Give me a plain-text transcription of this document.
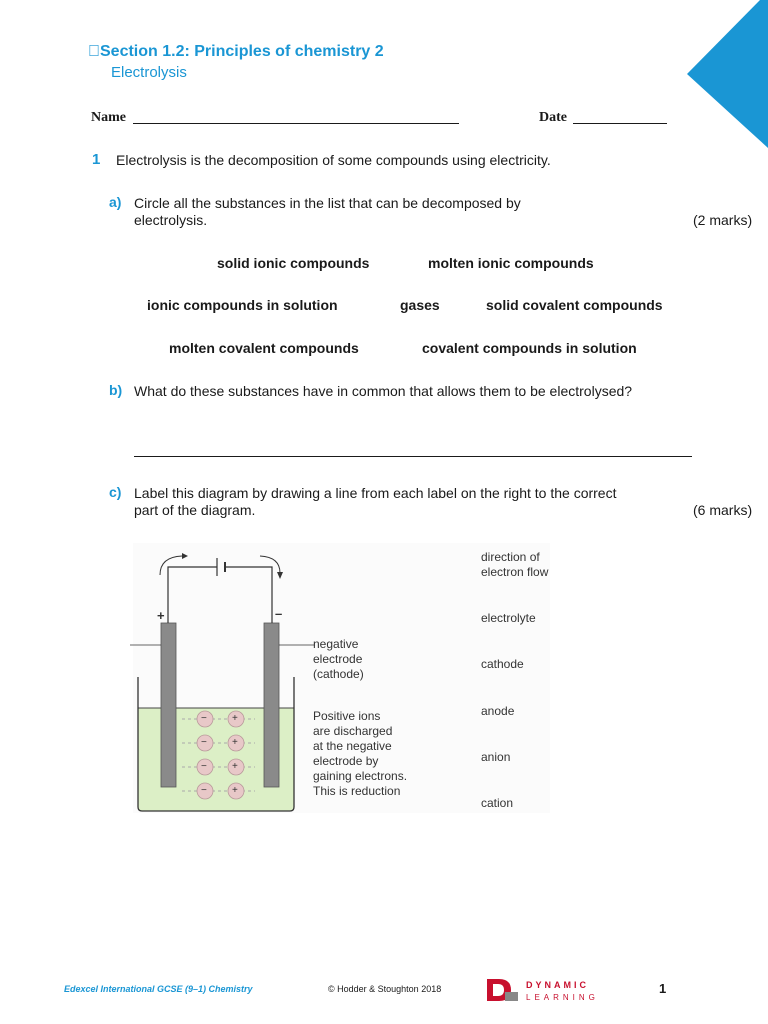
Section 1.2: Principles of chemistry 2
Electrolysis
Name	Date
1 Electrolysis is the decomposition of some compounds using electricity.
a) Circle all the substances in the list that can be decomposed by
electrolysis.	(2 marks)
solid ionic compounds	molten ionic compounds
ionic compounds in solution	gases	solid covalent compounds
molten covalent compounds	covalent compounds in solution
b) What do these substances have in common that allows them to be electrolysed?
c) Label this diagram by drawing a line from each label on the right to the correct
part of the diagram.	(6 marks)
−	+
−	+
−	+
−	+
+	–
negative
electrode
(cathode)
Positive ions
are discharged
at the negative
electrode by
gaining electrons.
This is reduction
direction of
electron flow
electrolyte
cathode
anode
anion
cation
Edexcel International GCSE (9–1) Chemistry	© Hodder & Stoughton 2018	DYNAMIC
LEARNING
1
